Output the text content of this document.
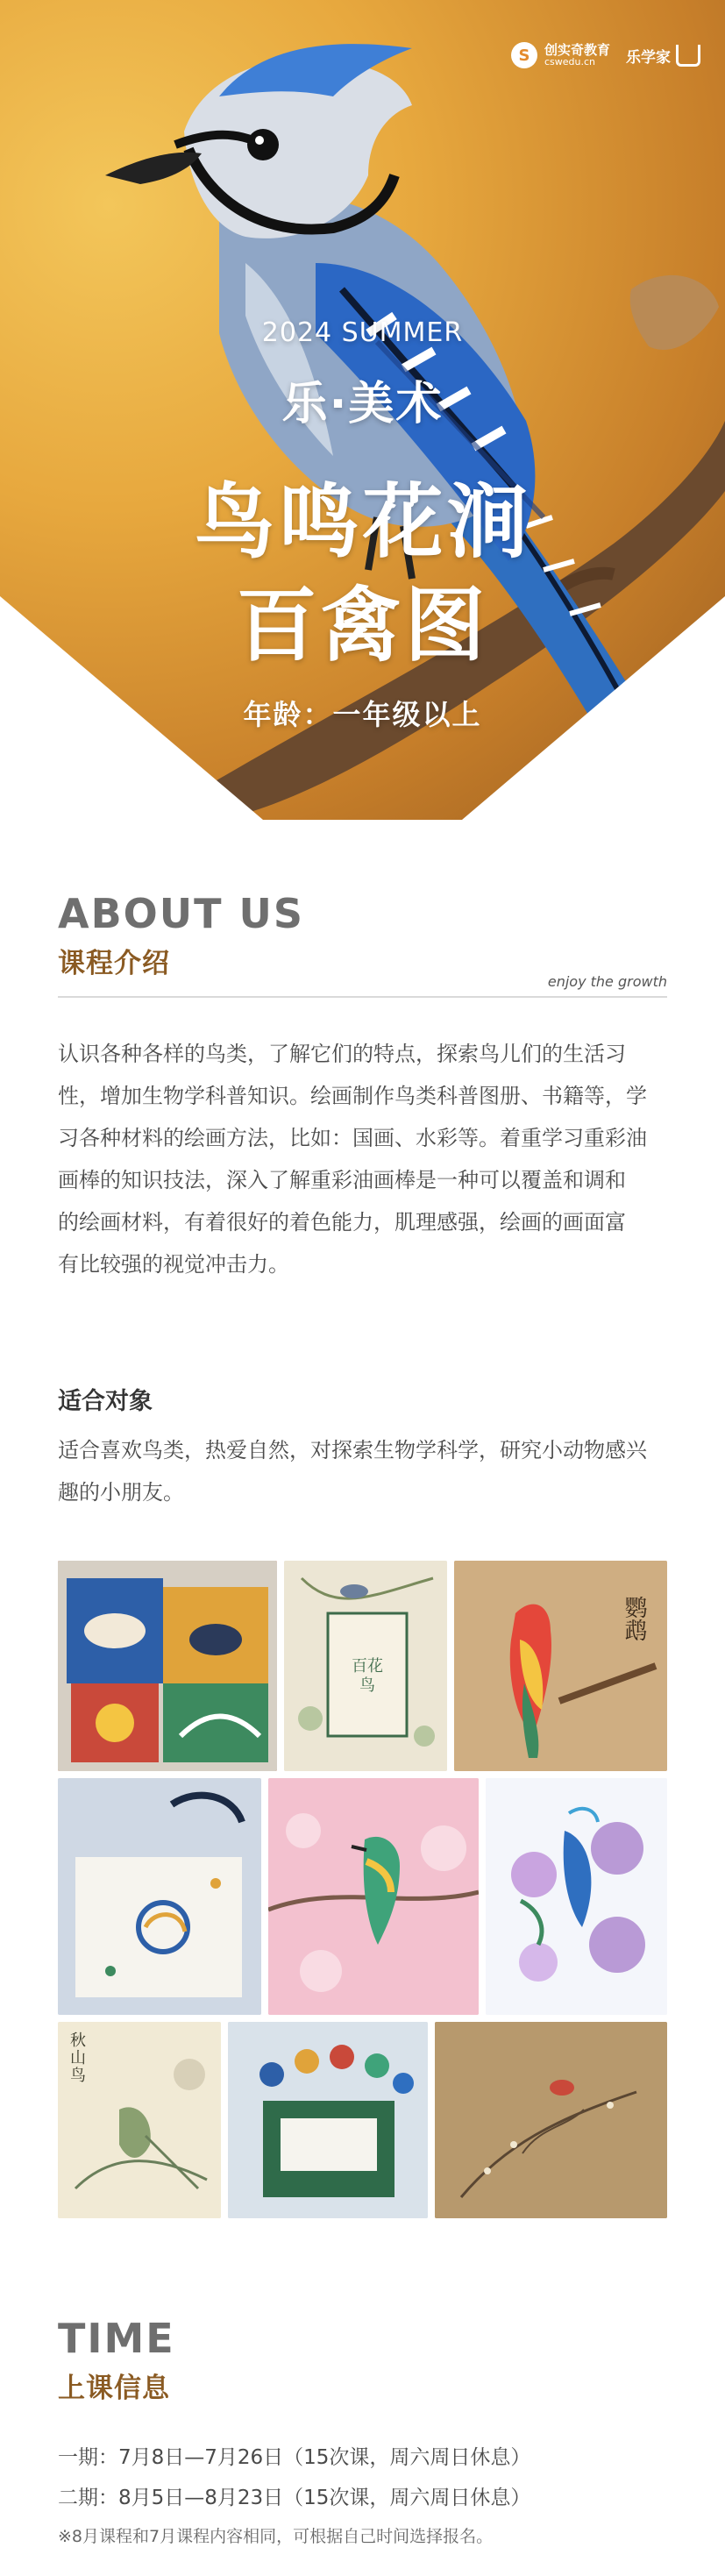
S	创实奇教育
cswedu.cn	乐学家
2024 SUMMER
乐·美术
鸟鸣花涧
百禽图
年龄：一年级以上
ABOUT US
课程介绍
enjoy the growth
认识各种各样的鸟类，了解它们的特点，探索鸟儿们的生活习
性，增加生物学科普知识。绘画制作鸟类科普图册、书籍等，学
习各种材料的绘画方法，比如：国画、水彩等。着重学习重彩油
画棒的知识技法，深入了解重彩油画棒是一种可以覆盖和调和
的绘画材料，有着很好的着色能力，肌理感强，绘画的画面富
有比较强的视觉冲击力。
适合对象
适合喜欢鸟类，热爱自然，对探索生物学科学，研究小动物感兴
趣的小朋友。
百花鸟
鹦鹉
秋山鸟
TIME
上课信息
一期：7月8日—7月26日（15次课，周六周日休息）
二期：8月5日—8月23日（15次课，周六周日休息）
※8月课程和7月课程内容相同，可根据自己时间选择报名。
